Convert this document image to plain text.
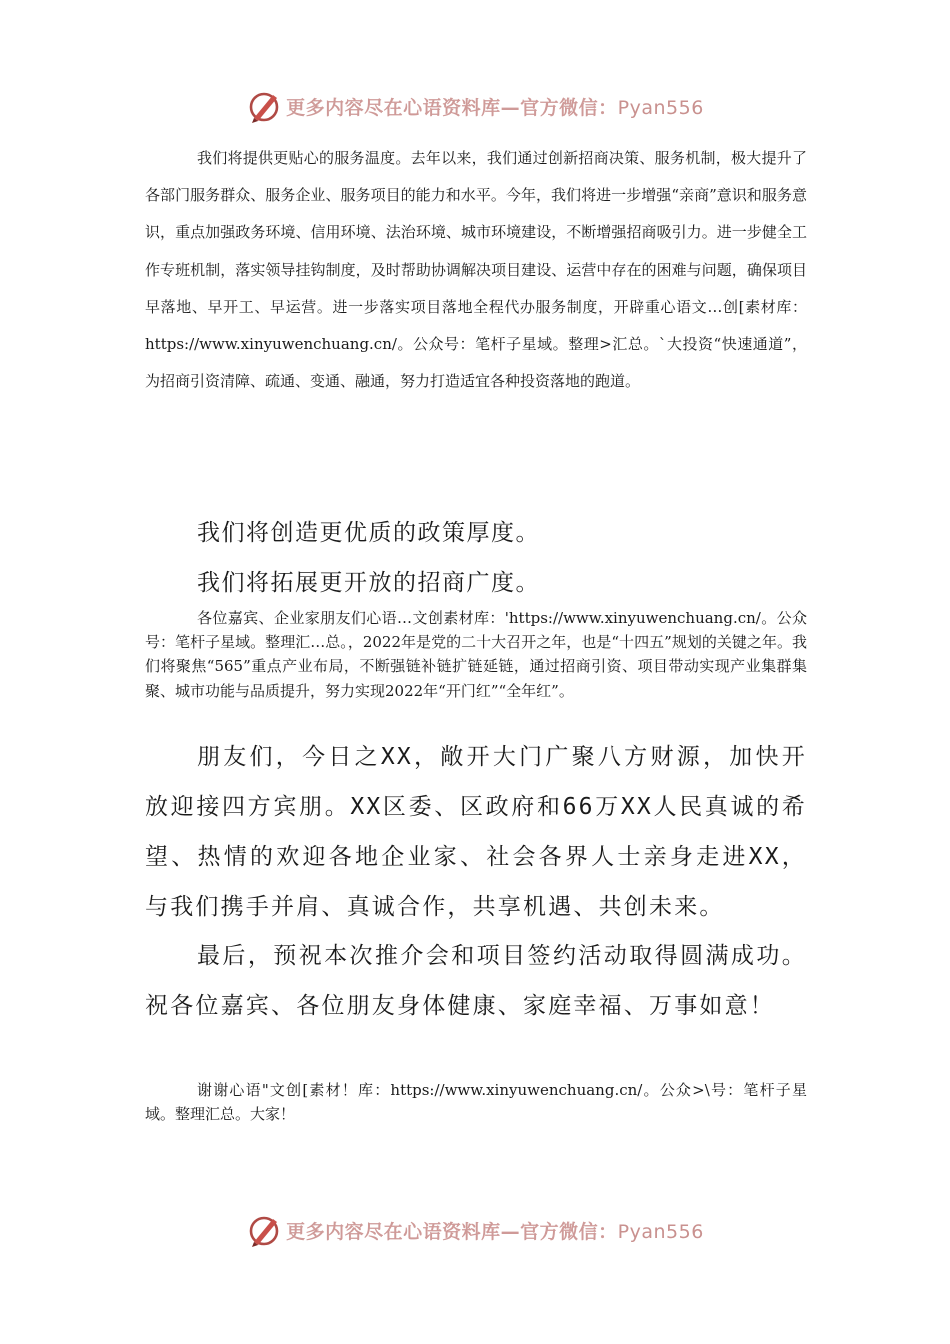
更多内容尽在心语资料库—官方微信：Pyan556

我们将提供更贴心的服务温度。去年以来，我们通过创新招商决策、服务机制，极大提升了各部门服务群众、服务企业、服务项目的能力和水平。今年，我们将进一步增强“亲商”意识和服务意识，重点加强政务环境、信用环境、法治环境、城市环境建设，不断增强招商吸引力。进一步健全工作专班机制，落实领导挂钩制度，及时帮助协调解决项目建设、运营中存在的困难与问题，确保项目早落地、早开工、早运营。进一步落实项目落地全程代办服务制度，开辟重心语文…创[素材库：https://www.xinyuwenchuang.cn/。公众号：笔杆子星域。整理>汇总。`大投资“快速通道”，为招商引资清障、疏通、变通、融通，努力打造适宜各种投资落地的跑道。

我们将创造更优质的政策厚度。

我们将拓展更开放的招商广度。

各位嘉宾、企业家朋友们心语…文创素材库：'https://www.xinyuwenchuang.cn/。公众号：笔杆子星域。整理汇…总。，2022年是党的二十大召开之年，也是“十四五”规划的关键之年。我们将聚焦“565”重点产业布局，不断强链补链扩链延链，通过招商引资、项目带动实现产业集群集聚、城市功能与品质提升，努力实现2022年“开门红”“全年红”。

朋友们，今日之XX，敞开大门广聚八方财源，加快开放迎接四方宾朋。XX区委、区政府和66万XX人民真诚的希望、热情的欢迎各地企业家、社会各界人士亲身走进XX，与我们携手并肩、真诚合作，共享机遇、共创未来。

最后，预祝本次推介会和项目签约活动取得圆满成功。祝各位嘉宾、各位朋友身体健康、家庭幸福、万事如意！

谢谢心语"文创[素材！库：https://www.xinyuwenchuang.cn/。公众>\号：笔杆子星域。整理汇总。大家！

更多内容尽在心语资料库—官方微信：Pyan556
